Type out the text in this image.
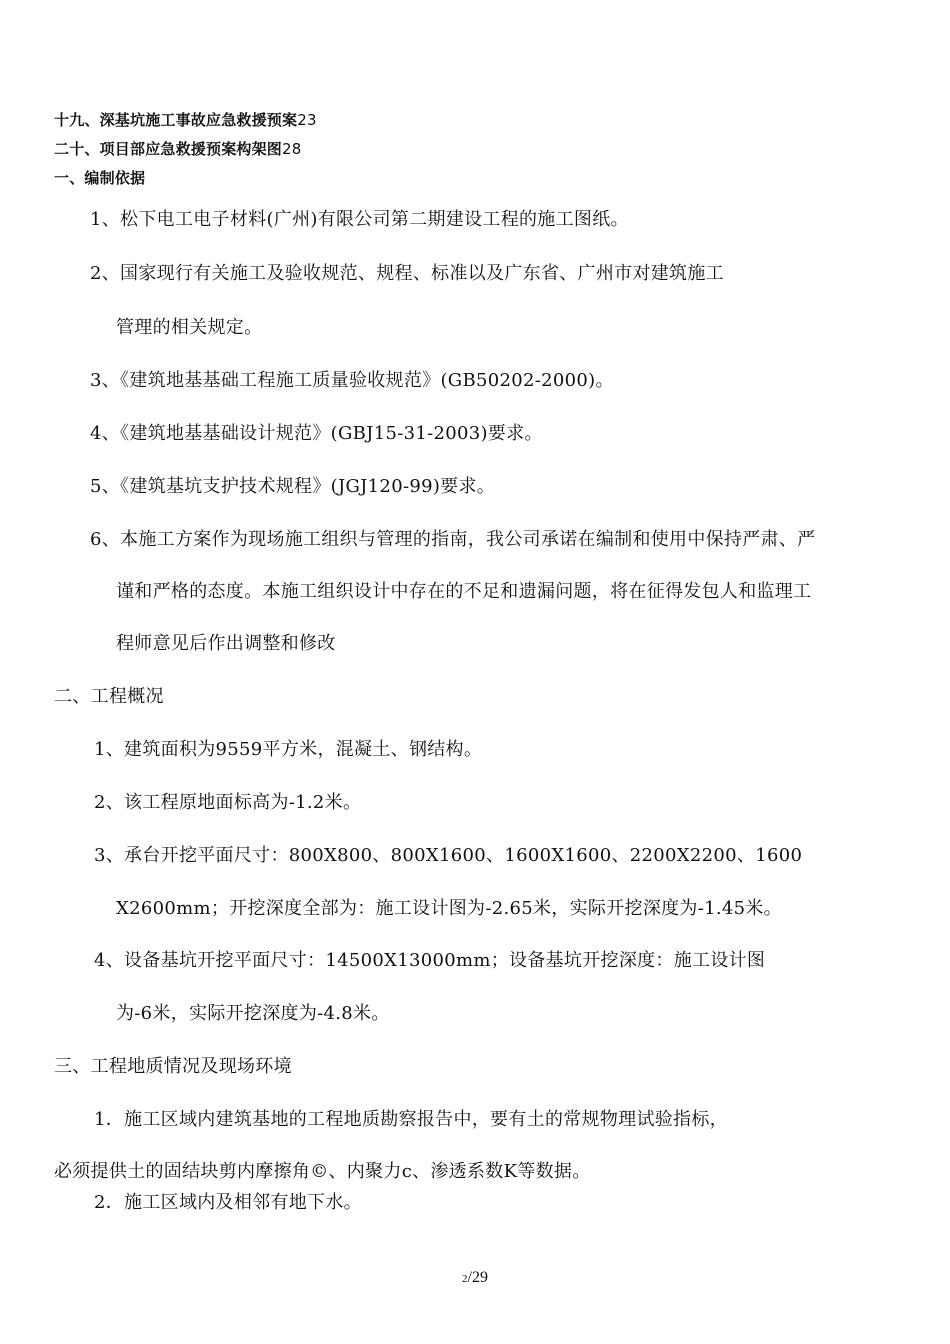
十九、深基坑施工事故应急救援预案23
二十、项目部应急救援预案构架图28
一、编制依据
1、松下电工电子材料(广州)有限公司第二期建设工程的施工图纸。
2、国家现行有关施工及验收规范、规程、标准以及广东省、广州市对建筑施工
管理的相关规定。
3、《建筑地基基础工程施工质量验收规范》(GB50202-2000)。
4、《建筑地基基础设计规范》(GBJ15-31-2003)要求。
5、《建筑基坑支护技术规程》(JGJ120-99)要求。
6、本施工方案作为现场施工组织与管理的指南，我公司承诺在编制和使用中保持严肃、严
谨和严格的态度。本施工组织设计中存在的不足和遗漏问题，将在征得发包人和监理工
程师意见后作出调整和修改
二、工程概况
1、建筑面积为9559平方米，混凝土、钢结构。
2、该工程原地面标高为-1.2米。
3、承台开挖平面尺寸：800X800、800X1600、1600X1600、2200X2200、1600
X2600mm；开挖深度全部为：施工设计图为-2.65米，实际开挖深度为-1.45米。
4、设备基坑开挖平面尺寸：14500X13000mm；设备基坑开挖深度：施工设计图
为-6米，实际开挖深度为-4.8米。
三、工程地质情况及现场环境
1．施工区域内建筑基地的工程地质勘察报告中，要有土的常规物理试验指标，
必须提供土的固结块剪内摩擦角©、内聚力c、渗透系数K等数据。
2．施工区域内及相邻有地下水。
2/29
